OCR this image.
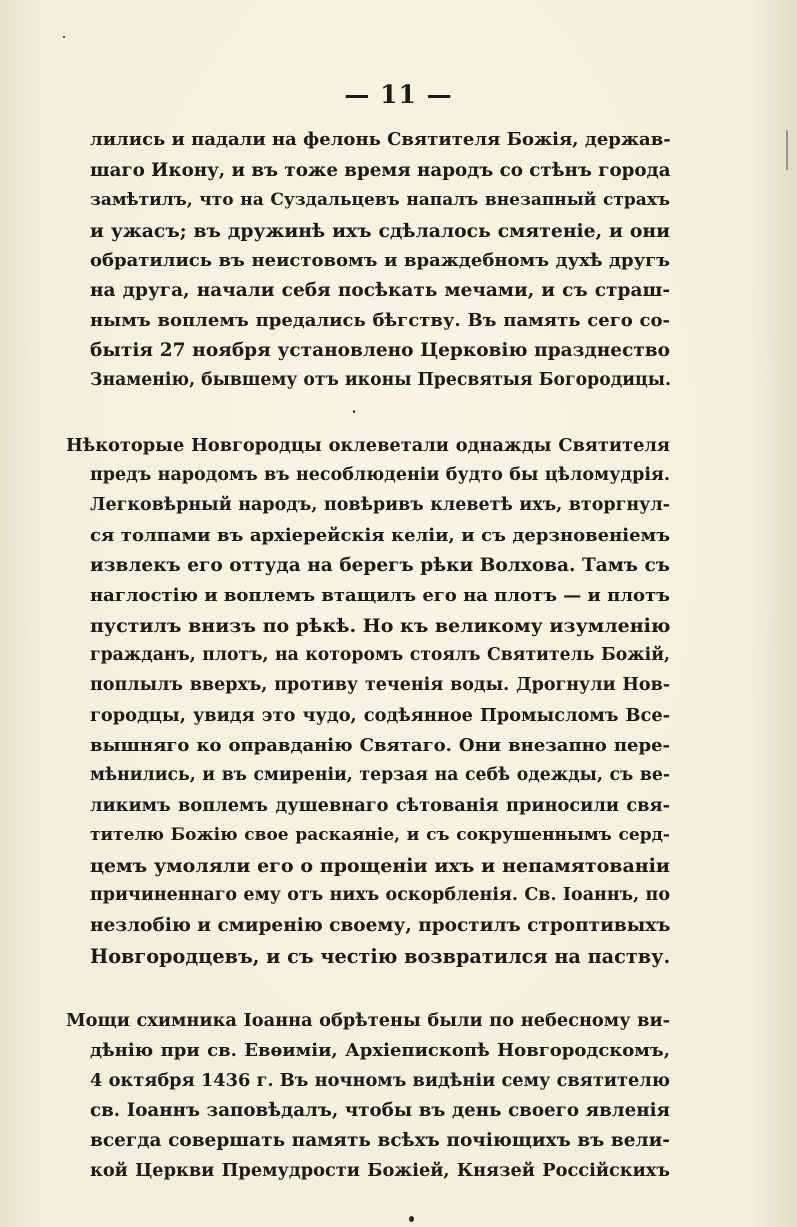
— 11 —
лились и падали на фелонь Святителя Божія, держав-
шаго Икону, и въ тоже время народъ со стѣнъ города
замѣтилъ, что на Суздальцевъ напалъ внезапный страхъ
и ужасъ; въ дружинѣ ихъ сдѣлалось смятеніе, и они
обратились въ неистовомъ и враждебномъ духѣ другъ
на друга, начали себя посѣкать мечами, и съ страш-
нымъ воплемъ предались бѣгству. Въ память сего со-
бытія 27 ноября установлено Церковію празднество
Знаменію, бывшему отъ иконы Пресвятыя Богородицы.
Нѣкоторые Новгородцы оклеветали однажды Святителя
предъ народомъ въ несоблюденіи будто бы цѣломудрія.
Легковѣрный народъ, повѣривъ клеветѣ ихъ, вторгнул-
ся толпами въ архіерейскія келіи, и съ дерзновеніемъ
извлекъ его оттуда на берегъ рѣки Волхова. Тамъ съ
наглостію и воплемъ втащилъ его на плотъ — и плотъ
пустилъ внизъ по рѣкѣ. Но къ великому изумленію
гражданъ, плотъ, на которомъ стоялъ Святитель Божій,
поплылъ вверхъ, противу теченія воды. Дрогнули Нов-
городцы, увидя это чудо, содѣянное Промысломъ Все-
вышняго ко оправданію Святаго. Они внезапно пере-
мѣнились, и въ смиреніи, терзая на себѣ одежды, съ ве-
ликимъ воплемъ душевнаго сѣтованія приносили свя-
тителю Божію свое раскаяніе, и съ сокрушеннымъ серд-
цемъ умоляли его о прощеніи ихъ и непамятованіи
причиненнаго ему отъ нихъ оскорбленія. Св. Іоаннъ, по
незлобію и смиренію своему, простилъ строптивыхъ
Новгородцевъ, и съ честію возвратился на паству.
Мощи схимника Іоанна обрѣтены были по небесному ви-
дѣнію при св. Евѳиміи, Архіепископѣ Новгородскомъ,
4 октября 1436 г. Въ ночномъ видѣніи сему святителю
св. Іоаннъ заповѣдалъ, чтобы въ день своего явленія
всегда совершать память всѣхъ почіющихъ въ вели-
кой Церкви Премудрости Божіей, Князей Россійскихъ
